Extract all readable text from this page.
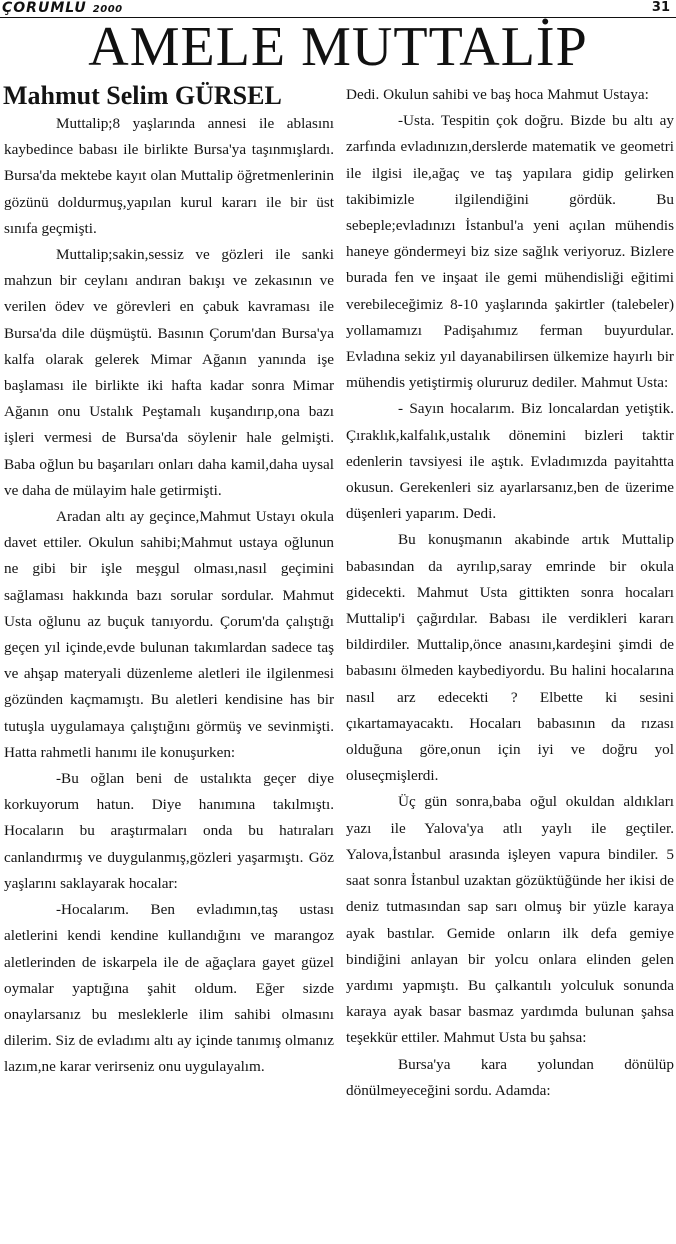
ÇORUMLU 2000	31
AMELE MUTTALİP
Mahmut Selim GÜRSEL

Muttalip;8 yaşlarında annesi ile ablasını kaybedince babası ile birlikte Bursa'ya taşınmışlardı. Bursa'da mektebe kayıt olan Muttalip öğretmenlerinin gözünü doldurmuş,yapılan kurul kararı ile bir üst sınıfa geçmişti.

Muttalip;sakin,sessiz ve gözleri ile sanki mahzun bir ceylanı andıran bakışı ve zekasının ve verilen ödev ve görevleri en çabuk kavraması ile Bursa'da dile düşmüştü. Basının Çorum'dan Bursa'ya kalfa olarak gelerek Mimar Ağanın yanında işe başlaması ile birlikte iki hafta kadar sonra Mimar Ağanın onu Ustalık Peştamalı kuşandırıp,ona bazı işleri vermesi de Bursa'da söylenir hale gelmişti. Baba oğlun bu başarıları onları daha kamil,daha uysal ve daha de mülayim hale getirmişti.

Aradan altı ay geçince,Mahmut Ustayı okula davet ettiler. Okulun sahibi;Mahmut ustaya oğlunun ne gibi bir işle meşgul olması,nasıl geçimini sağlaması hakkında bazı sorular sordular. Mahmut Usta oğlunu az buçuk tanıyordu. Çorum'da çalıştığı geçen yıl içinde,evde bulunan takımlardan sadece taş ve ahşap materyali düzenleme aletleri ile ilgilenmesi gözünden kaçmamıştı. Bu aletleri kendisine has bir tutuşla uygulamaya çalıştığını görmüş ve sevinmişti. Hatta rahmetli hanımı ile konuşurken:

-Bu oğlan beni de ustalıkta geçer diye korkuyorum hatun. Diye hanımına takılmıştı. Hocaların bu araştırmaları onda bu hatıraları canlandırmış ve duygulanmış,gözleri yaşarmıştı. Göz yaşlarını saklayarak hocalar:

-Hocalarım. Ben evladımın,taş ustası aletlerini kendi kendine kullandığını ve marangoz aletlerinden de iskarpela ile de ağaçlara gayet güzel oymalar yaptığına şahit oldum. Eğer sizde onaylarsanız bu mesleklerle ilim sahibi olmasını dilerim. Siz de evladımı altı ay içinde tanımış olmanız lazım,ne karar verirseniz onu uygulayalım.

Dedi. Okulun sahibi ve baş hoca Mahmut Ustaya:

-Usta. Tespitin çok doğru. Bizde bu altı ay zarfında evladınızın,derslerde matematik ve geometri ile ilgisi ile,ağaç ve taş yapılara gidip gelirken takibimizle ilgilendiğini gördük. Bu sebeple;evladınızı İstanbul'a yeni açılan mühendis haneye göndermeyi biz size sağlık veriyoruz. Bizlere burada fen ve inşaat ile gemi mühendisliği eğitimi verebileceğimiz 8-10 yaşlarında şakirtler (talebeler) yollamamızı Padişahımız ferman buyurdular. Evladına sekiz yıl dayanabilirsen ülkemize hayırlı bir mühendis yetiştirmiş olururuz dediler. Mahmut Usta:

- Sayın hocalarım. Biz loncalardan yetiştik. Çıraklık,kalfalık,ustalık dönemini bizleri taktir edenlerin tavsiyesi ile aştık. Evladımızda payitahtta okusun. Gerekenleri siz ayarlarsanız,ben de üzerime düşenleri yaparım. Dedi.

Bu konuşmanın akabinde artık Muttalip babasından da ayrılıp,saray emrinde bir okula gidecekti. Mahmut Usta gittikten sonra hocaları Muttalip'i çağırdılar. Babası ile verdikleri kararı bildirdiler. Muttalip,önce anasını,kardeşini şimdi de babasını ölmeden kaybediyordu. Bu halini hocalarına nasıl arz edecekti ? Elbette ki sesini çıkartamayacaktı. Hocaları babasının da rızası olduğuna göre,onun için iyi ve doğru yol oluseçmişlerdi.

Üç gün sonra,baba oğul okuldan aldıkları yazı ile Yalova'ya atlı yaylı ile geçtiler. Yalova,İstanbul arasında işleyen vapura bindiler. 5 saat sonra İstanbul uzaktan gözüktüğünde her ikisi de deniz tutmasından sap sarı olmuş bir yüzle karaya ayak bastılar. Gemide onların ilk defa gemiye bindiğini anlayan bir yolcu onlara elinden gelen yardımı yapmıştı. Bu çalkantılı yolculuk sonunda karaya ayak basar basmaz yardımda bulunan şahsa teşekkür ettiler. Mahmut Usta bu şahsa:

Bursa'ya kara yolundan dönülüp dönülmeyeceğini sordu. Adamda:
